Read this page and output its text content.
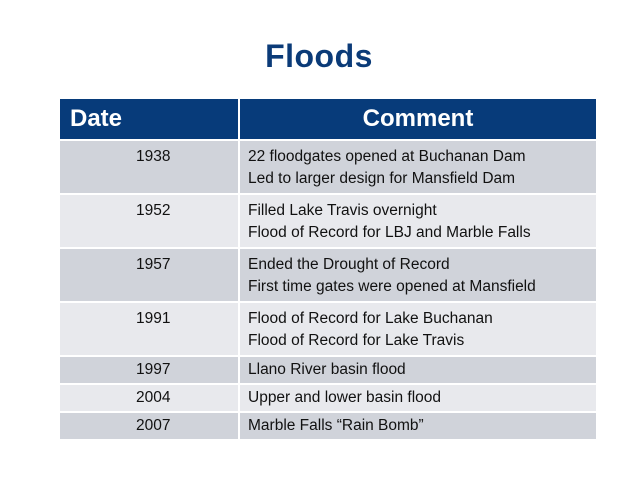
Floods
Date	Comment
1938	22 floodgates opened at Buchanan Dam
Led to larger design for Mansfield Dam

1952	Filled Lake Travis overnight
Flood of Record for LBJ and Marble Falls

1957	Ended the Drought of Record
First time gates were opened at Mansfield

1991	Flood of Record for Lake Buchanan
Flood of Record for Lake Travis

1997	Llano River basin flood

2004	Upper and lower basin flood

2007	Marble Falls “Rain Bomb”
